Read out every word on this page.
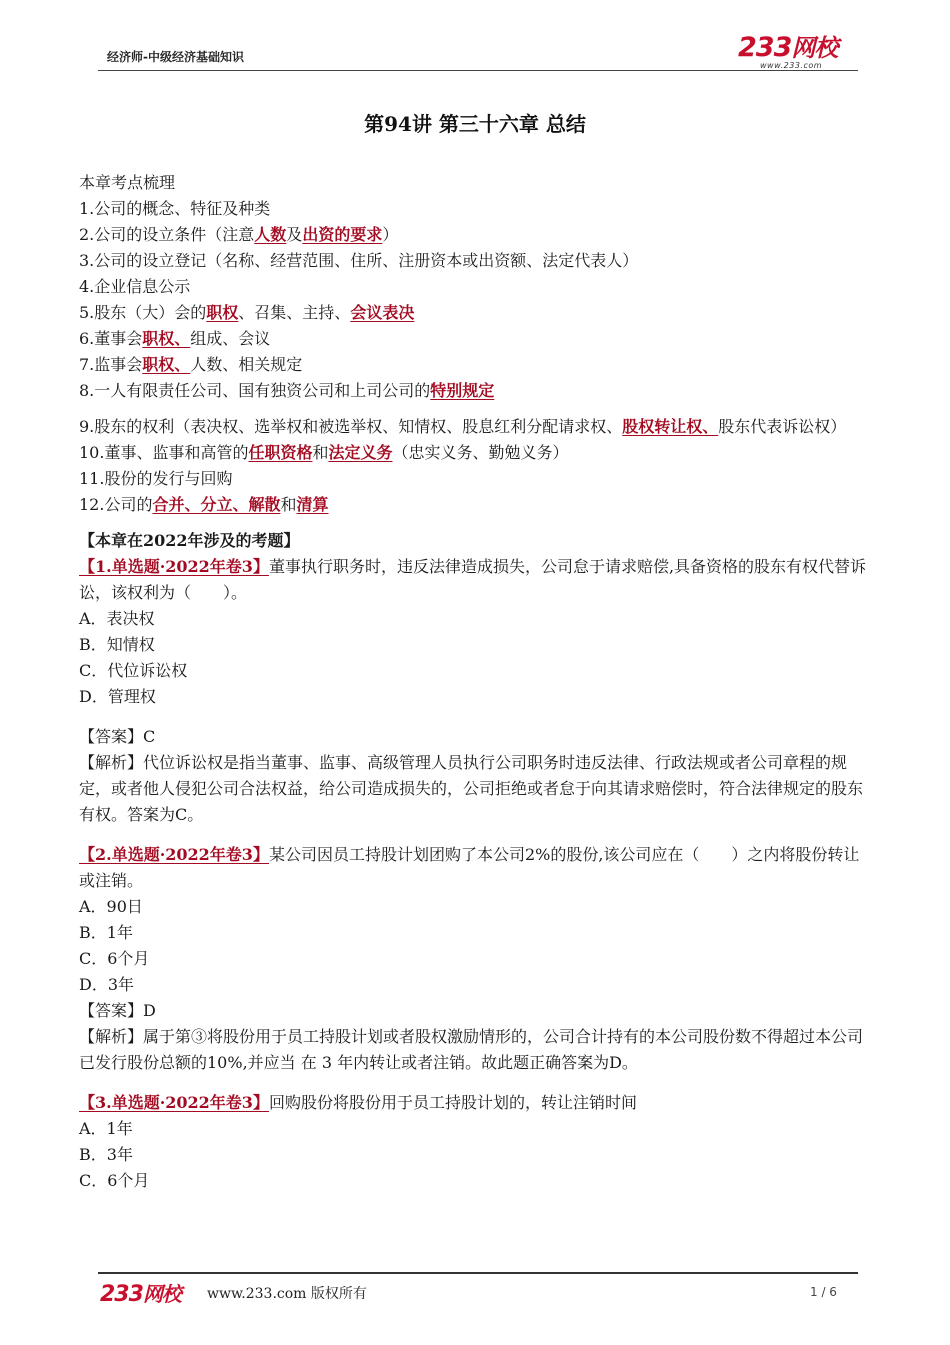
经济师-中级经济基础知识	233网校
www.233.com
第94讲 第三十六章 总结
本章考点梳理
1.公司的概念、特征及种类
2.公司的设立条件（注意人数及出资的要求）
3.公司的设立登记（名称、经营范围、住所、注册资本或出资额、法定代表人）
4.企业信息公示
5.股东（大）会的职权、召集、主持、会议表决
6.董事会职权、组成、会议
7.监事会职权、人数、相关规定
8.一人有限责任公司、国有独资公司和上司公司的特别规定
9.股东的权利（表决权、选举权和被选举权、知情权、股息红利分配请求权、股权转让权、股东代表诉讼权）
10.董事、监事和高管的任职资格和法定义务（忠实义务、勤勉义务）
11.股份的发行与回购
12.公司的合并、分立、解散和清算
【本章在2022年涉及的考题】
【1.单选题·2022年卷3】董事执行职务时，违反法律造成损失，公司怠于请求赔偿,具备资格的股东有权代替诉讼，该权利为（　　）。
A．表决权
B．知情权
C．代位诉讼权
D．管理权
【答案】C
【解析】代位诉讼权是指当董事、监事、高级管理人员执行公司职务时违反法律、行政法规或者公司章程的规定，或者他人侵犯公司合法权益，给公司造成损失的，公司拒绝或者怠于向其请求赔偿时，符合法律规定的股东有权。答案为C。
【2.单选题·2022年卷3】某公司因员工持股计划团购了本公司2%的股份,该公司应在（　　）之内将股份转让或注销。
A．90日
B．1年
C．6个月
D．3年
【答案】D
【解析】属于第③将股份用于员工持股计划或者股权激励情形的，公司合计持有的本公司股份数不得超过本公司已发行股份总额的10%,并应当 在 3 年内转让或者注销。故此题正确答案为D。
【3.单选题·2022年卷3】回购股份将股份用于员工持股计划的，转让注销时间
A．1年
B．3年
C．6个月
233网校 www.233.com 版权所有	1 / 6
